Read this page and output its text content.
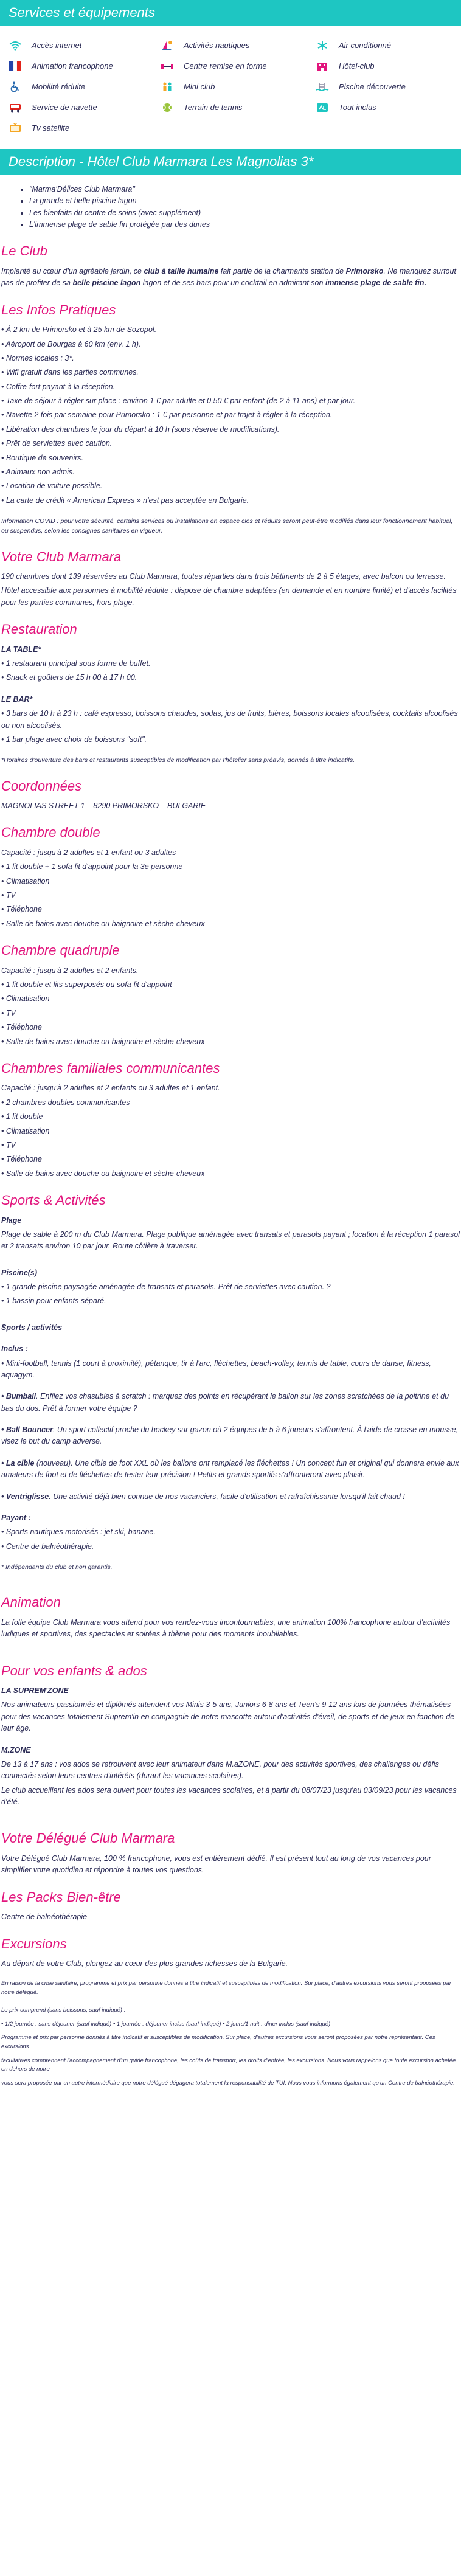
Services et équipements
Accès internet	Activités nautiques	Air conditionné
Animation francophone	Centre remise en forme	Hôtel-club
Mobilité réduite	Mini club	Piscine découverte
Service de navette	Terrain de tennis	Tout inclus
Tv satellite
Description - Hôtel Club Marmara Les Magnolias 3*
• "Marma'Délices Club Marmara"
• La grande et belle piscine lagon
• Les bienfaits du centre de soins (avec supplément)
• L'immense plage de sable fin protégée par des dunes
Le Club

Implanté au cœur d'un agréable jardin, ce club à taille humaine fait partie de la charmante station de Primorsko. Ne manquez surtout pas de profiter de sa belle piscine lagon lagon et de ses bars pour un cocktail en admirant son immense plage de sable fin.

Les Infos Pratiques

• À 2 km de Primorsko et à 25 km de Sozopol.

• Aéroport de Bourgas à 60 km (env. 1 h).

• Normes locales : 3*.

• Wifi gratuit dans les parties communes.

• Coffre-fort payant à la réception.

• Taxe de séjour à régler sur place : environ 1 € par adulte et 0,50 € par enfant (de 2 à 11 ans) et par jour.

• Navette 2 fois par semaine pour Primorsko : 1 € par personne et par trajet à régler à la réception.

• Libération des chambres le jour du départ à 10 h (sous réserve de modifications).

• Prêt de serviettes avec caution.

• Boutique de souvenirs.

• Animaux non admis.

• Location de voiture possible.

• La carte de crédit « American Express » n'est pas acceptée en Bulgarie.

Information COVID : pour votre sécurité, certains services ou installations en espace clos et réduits seront peut-être modifiés dans leur fonctionnement habituel, ou suspendus, selon les consignes sanitaires en vigueur.

Votre Club Marmara

190 chambres dont 139 réservées au Club Marmara, toutes réparties dans trois bâtiments de 2 à 5 étages, avec balcon ou terrasse.

Hôtel accessible aux personnes à mobilité réduite : dispose de chambre adaptées (en demande et en nombre limité) et d'accès facilités pour les parties communes, hors plage.

Restauration

LA TABLE*

• 1 restaurant principal sous forme de buffet.

• Snack et goûters de 15 h 00 à 17 h 00.

LE BAR*

• 3 bars de 10 h à 23 h : café espresso, boissons chaudes, sodas, jus de fruits, bières, boissons locales alcoolisées, cocktails alcoolisés ou non alcoolisés.

• 1 bar plage avec choix de boissons "soft".

*Horaires d'ouverture des bars et restaurants susceptibles de modification par l'hôtelier sans préavis, donnés à titre indicatifs.

Coordonnées

MAGNOLIAS STREET 1 – 8290 PRIMORSKO – BULGARIE

Chambre double

Capacité : jusqu'à 2 adultes et 1 enfant ou 3 adultes

• 1 lit double + 1 sofa-lit d'appoint pour la 3e personne

• Climatisation

• TV

• Téléphone

• Salle de bains avec douche ou baignoire et sèche-cheveux

Chambre quadruple

Capacité : jusqu'à 2 adultes et 2 enfants.

• 1 lit double et lits superposés ou sofa-lit d'appoint

• Climatisation

• TV

• Téléphone

• Salle de bains avec douche ou baignoire et sèche-cheveux

Chambres familiales communicantes

Capacité : jusqu'à 2 adultes et 2 enfants ou 3 adultes et 1 enfant.

• 2 chambres doubles communicantes

• 1 lit double

• Climatisation

• TV

• Téléphone

• Salle de bains avec douche ou baignoire et sèche-cheveux

Sports & Activités

Plage

Plage de sable à 200 m du Club Marmara. Plage publique aménagée avec transats et parasols payant ; location à la réception 1 parasol et 2 transats environ 10 par jour. Route côtière à traverser.

Piscine(s)

• 1 grande piscine paysagée aménagée de transats et parasols. Prêt de serviettes avec caution. ?

• 1 bassin pour enfants séparé.

Sports / activités

Inclus :

• Mini-football, tennis (1 court à proximité), pétanque, tir à l'arc, fléchettes, beach-volley, tennis de table, cours de danse, fitness, aquagym.

• Bumball. Enfilez vos chasubles à scratch : marquez des points en récupérant le ballon sur les zones scratchées de la poitrine et du bas du dos. Prêt à former votre équipe ?

• Ball Bouncer. Un sport collectif proche du hockey sur gazon où 2 équipes de 5 à 6 joueurs s'affrontent. À l'aide de crosse en mousse, visez le but du camp adverse.

• La cible (nouveau). Une cible de foot XXL où les ballons ont remplacé les fléchettes ! Un concept fun et original qui donnera envie aux amateurs de foot et de fléchettes de tester leur précision ! Petits et grands sportifs s'affronteront avec plaisir.

• Ventriglisse. Une activité déjà bien connue de nos vacanciers, facile d'utilisation et rafraîchissante lorsqu'il fait chaud !

Payant :

• Sports nautiques motorisés : jet ski, banane.

• Centre de balnéothérapie.

* Indépendants du club et non garantis.

Animation

La folle équipe Club Marmara vous attend pour vos rendez-vous incontournables, une animation 100% francophone autour d'activités ludiques et sportives, des spectacles et soirées à thème pour des moments inoubliables.

Pour vos enfants & ados

LA SUPREM'ZONE

Nos animateurs passionnés et diplômés attendent vos Minis 3-5 ans, Juniors 6-8 ans et Teen's 9-12 ans lors de journées thématisées pour des vacances totalement Suprem'in en compagnie de notre mascotte autour d'activités d'éveil, de sports et de jeux en fonction de leur âge.

M.ZONE

De 13 à 17 ans : vos ados se retrouvent avec leur animateur dans M.aZONE, pour des activités sportives, des challenges ou défis connectés selon leurs centres d'intérêts (durant les vacances scolaires).

Le club accueillant les ados sera ouvert pour toutes les vacances scolaires, et à partir du 08/07/23 jusqu'au 03/09/23 pour les vacances d'été.

Votre Délégué Club Marmara

Votre Délégué Club Marmara, 100 % francophone, vous est entièrement dédié. Il est présent tout au long de vos vacances pour simplifier votre quotidien et répondre à toutes vos questions.

Les Packs Bien-être

Centre de balnéothérapie

Excursions

Au départ de votre Club, plongez au cœur des plus grandes richesses de la Bulgarie.

En raison de la crise sanitaire, programme et prix par personne donnés à titre indicatif et susceptibles de modification. Sur place, d'autres excursions vous seront proposées par notre délégué.

Le prix comprend (sans boissons, sauf indiqué) :

• 1/2 journée : sans déjeuner (sauf indiqué) • 1 journée : déjeuner inclus (sauf indiqué) • 2 jours/1 nuit : dîner inclus (sauf indiqué)

Programme et prix par personne donnés à titre indicatif et susceptibles de modification. Sur place, d'autres excursions vous seront proposées par notre représentant. Ces excursions

facultatives comprennent l'accompagnement d'un guide francophone, les coûts de transport, les droits d'entrée, les excursions. Nous vous rappelons que toute excursion achetée en dehors de notre

vous sera proposée par un autre intermédiaire que notre délégué dégagera totalement la responsabilité de TUI. Nous vous informons également qu'un Centre de balnéothérapie.
